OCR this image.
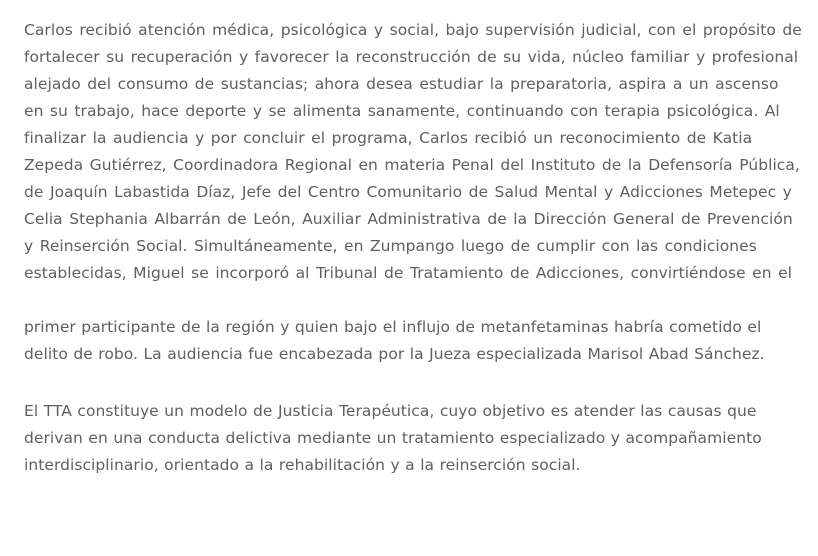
Carlos recibió atención médica, psicológica y social, bajo supervisión judicial, con el propósito de fortalecer su recuperación y favorecer la reconstrucción de su vida, núcleo familiar y profesional alejado del consumo de sustancias; ahora desea estudiar la preparatoria, aspira a un ascenso en su trabajo, hace deporte y se alimenta sanamente, continuando con terapia psicológica. Al finalizar la audiencia y por concluir el programa, Carlos recibió un reconocimiento de Katia Zepeda Gutiérrez, Coordinadora Regional en materia Penal del Instituto de la Defensoría Pública, de Joaquín Labastida Díaz, Jefe del Centro Comunitario de Salud Mental y Adicciones Metepec y Celia Stephania Albarrán de León, Auxiliar Administrativa de la Dirección General de Prevención y Reinserción Social. Simultáneamente, en Zumpango luego de cumplir con las condiciones establecidas, Miguel se incorporó al Tribunal de Tratamiento de Adicciones, convirtiéndose en el

primer participante de la región y quien bajo el influjo de metanfetaminas habría cometido el delito de robo. La audiencia fue encabezada por la Jueza especializada Marisol Abad Sánchez.

El TTA constituye un modelo de Justicia Terapéutica, cuyo objetivo es atender las causas que derivan en una conducta delictiva mediante un tratamiento especializado y acompañamiento interdisciplinario, orientado a la rehabilitación y a la reinserción social.
